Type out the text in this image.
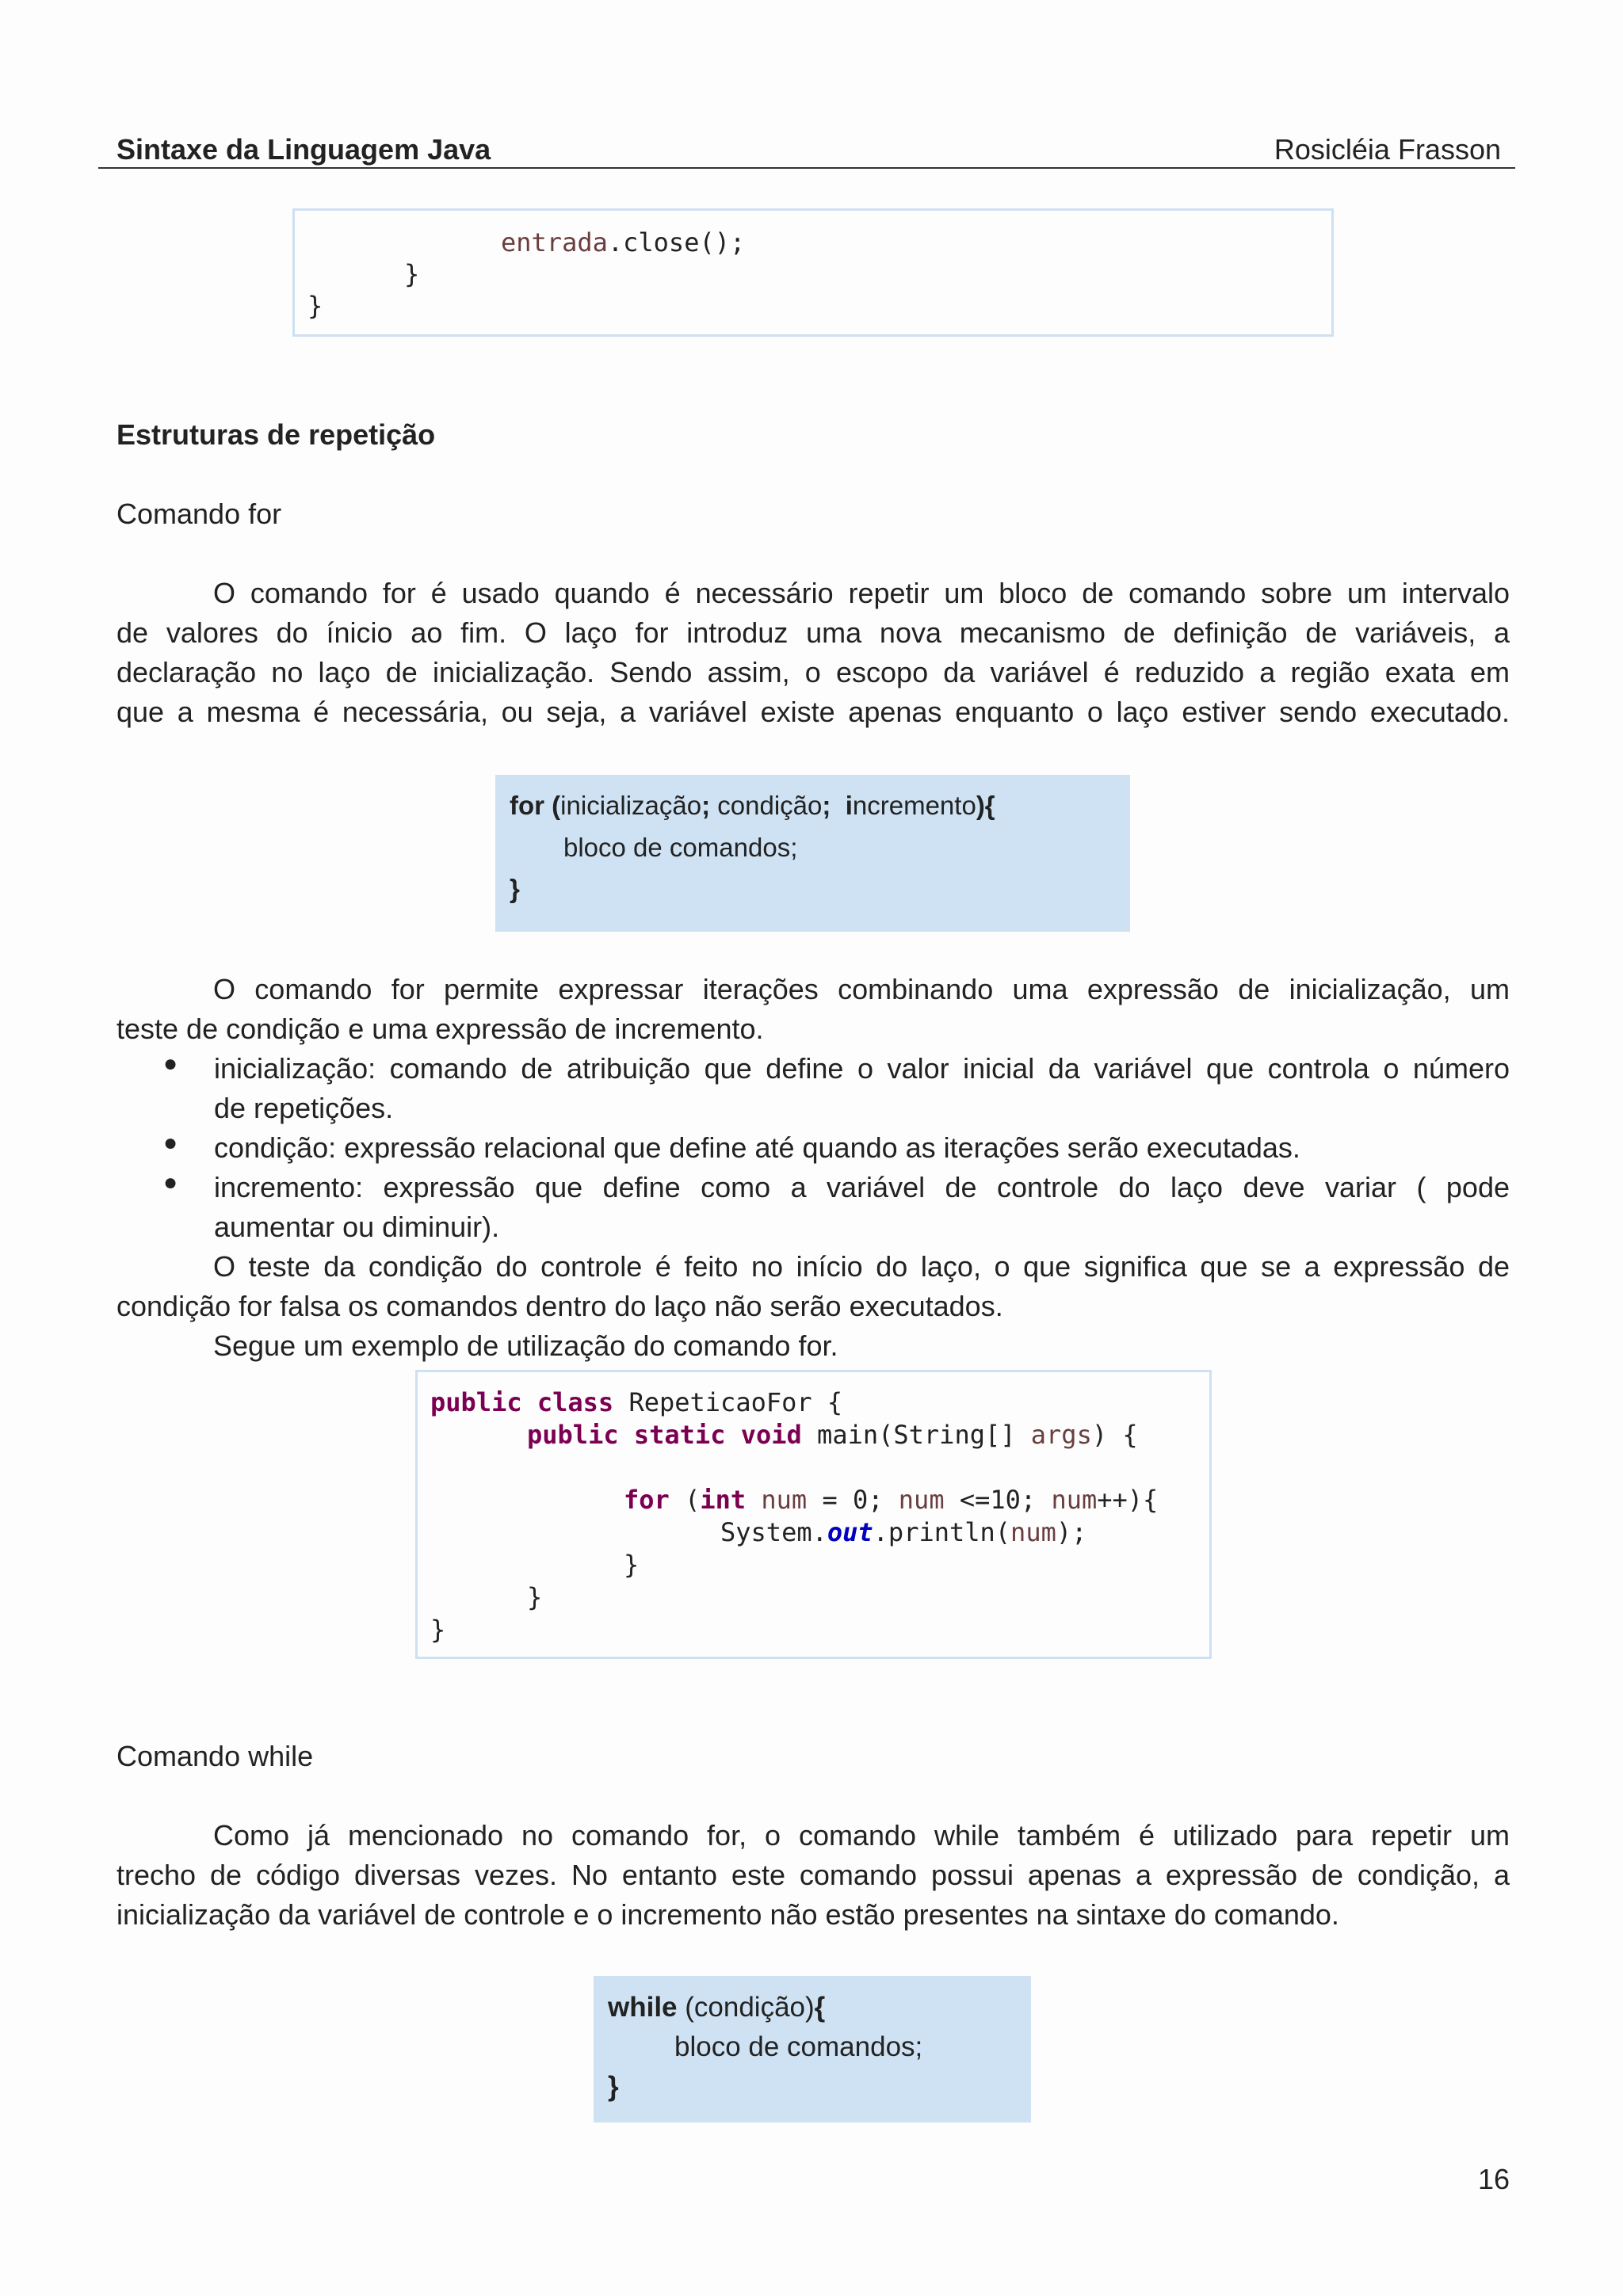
Sintaxe da Linguagem Java	Rosicléia Frasson
entrada.close();
}
}
Estruturas de repetição
Comando for
O comando for é usado quando é necessário repetir um bloco de comando sobre um intervalo
de valores do ínicio ao fim. O laço for introduz uma nova mecanismo de definição de variáveis, a
declaração no laço de inicialização. Sendo assim, o escopo da variável é reduzido a região exata em
que a mesma é necessária, ou seja, a variável existe apenas enquanto o laço estiver sendo executado.
for (inicialização; condição;  incremento){
bloco de comandos;
}
O comando for permite expressar iterações combinando uma expressão de inicialização, um
teste de condição e uma expressão de incremento.
● inicialização: comando de atribuição que define o valor inicial da variável que controla o número
de repetições.
● condição: expressão relacional que define até quando as iterações serão executadas.
● incremento: expressão que define como a variável de controle do laço deve variar ( pode
aumentar ou diminuir).
O teste da condição do controle é feito no início do laço, o que significa que se a expressão de
condição for falsa os comandos dentro do laço não serão executados.
Segue um exemplo de utilização do comando for.
public class RepeticaoFor {
public static void main(String[] args) {
for (int num = 0; num <=10; num++){
System.out.println(num);
}
}
}
Comando while
Como já mencionado no comando for, o comando while também é utilizado para repetir um
trecho de código diversas vezes. No entanto este comando possui apenas a expressão de condição, a
inicialização da variável de controle e o incremento não estão presentes na sintaxe do comando.
while (condição){
bloco de comandos;
}
16
